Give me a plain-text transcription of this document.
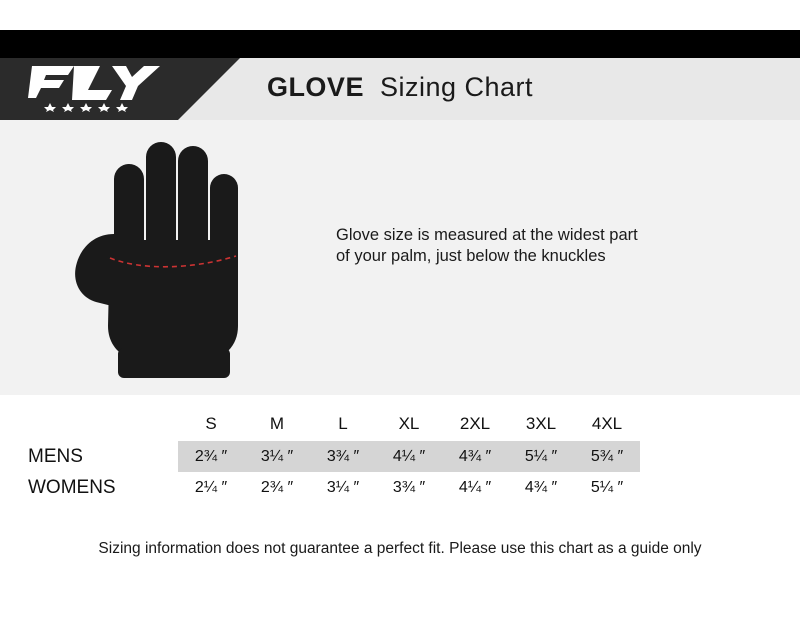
GLOVE Sizing Chart
Glove size is measured at the widest part
of your palm, just below the knuckles
	S	M	L	XL	2XL	3XL	4XL
MENS	2¾ ″	3¼ ″	3¾ ″	4¼ ″	4¾ ″	5¼ ″	5¾ ″
WOMENS	2¼ ″	2¾ ″	3¼ ″	3¾ ″	4¼ ″	4¾ ″	5¼ ″
Sizing information does not guarantee a perfect fit. Please use this chart as a guide only
